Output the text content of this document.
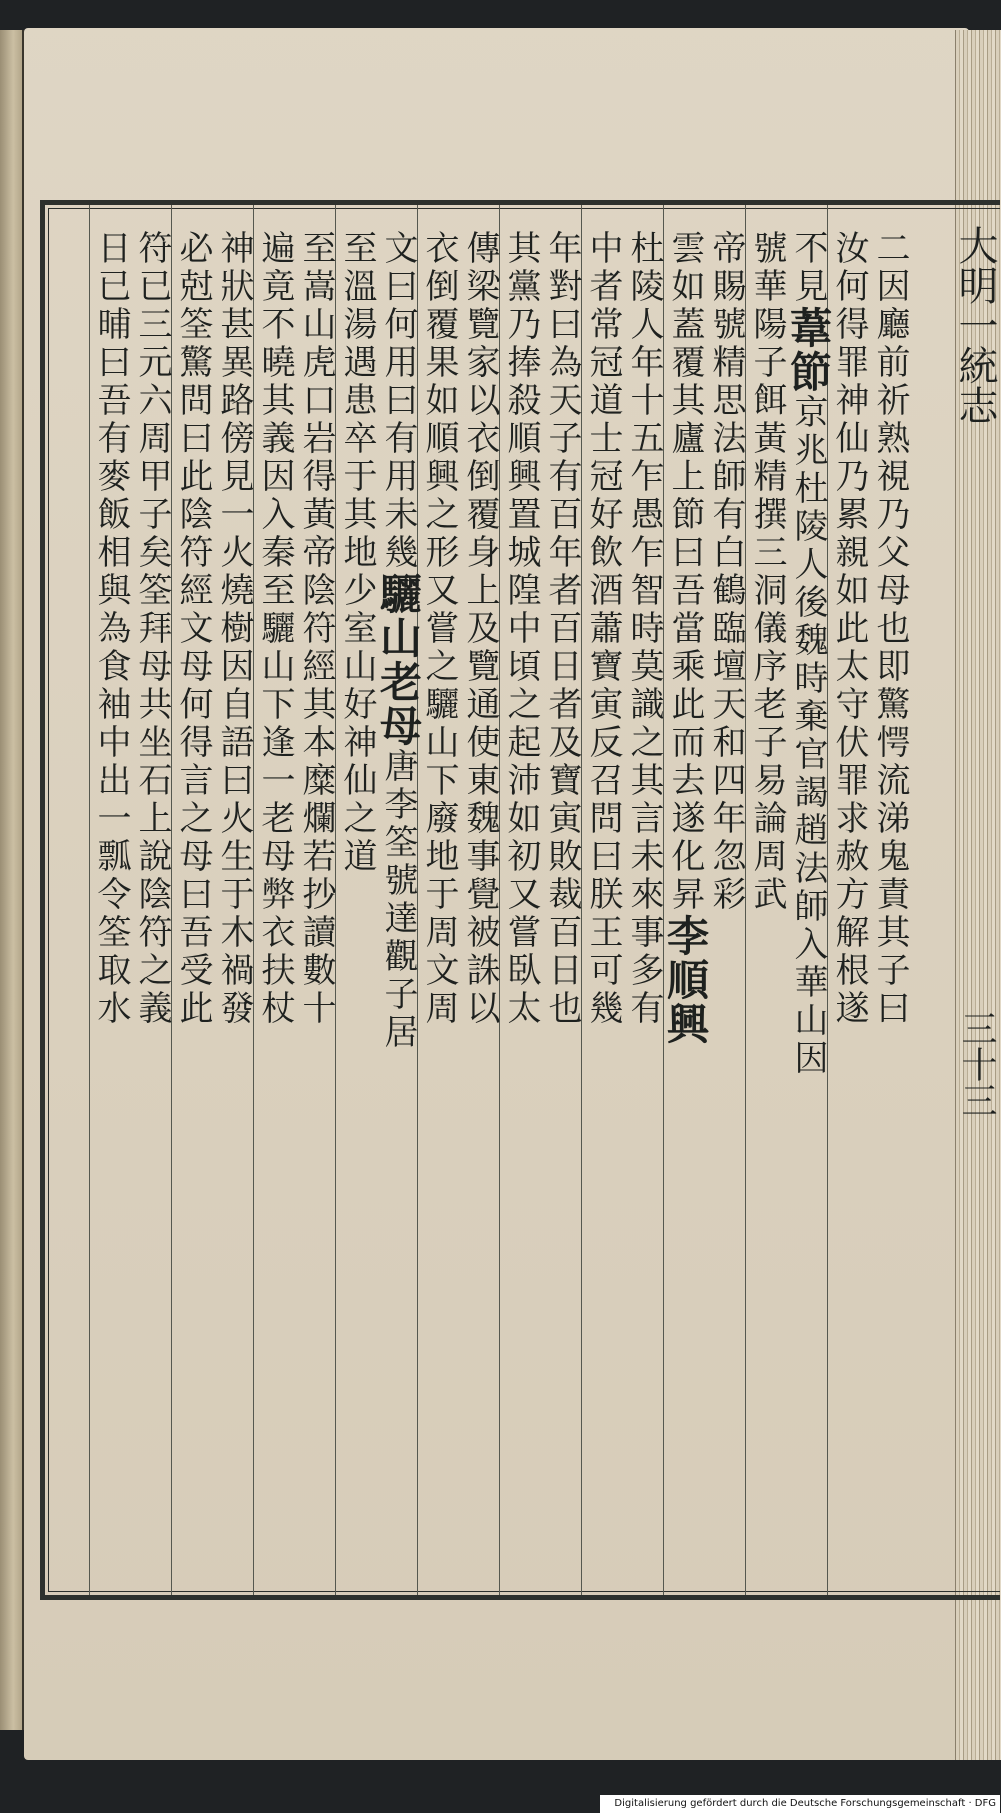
大明一統志
三十三
二因廳前祈熟視乃父母也即驚愕流涕鬼責其子曰
汝何得罪神仙乃累親如此太守伏罪求赦方解根遂
不見葦節京兆杜陵人後魏時棄官謁趙法師入華山因
號華陽子餌黃精撰三洞儀序老子易論周武
帝賜號精思法師有白鶴臨壇天和四年忽彩
雲如蓋覆其廬上節曰吾當乘此而去遂化昇李順興
杜陵人年十五乍愚乍智時莫識之其言未來事多有
中者常冠道士冠好飲酒蕭寶寅反召問曰朕王可幾
年對曰為天子有百年者百日者及寶寅敗裁百日也
其黨乃捧殺順興置城隍中頃之起沛如初又嘗臥太
傳梁覽家以衣倒覆身上及覽通使東魏事覺被誅以
衣倒覆果如順興之形又嘗之驪山下廢地于周文周
文曰何用曰有用未幾驪山老母唐李筌號達觀子居
至溫湯遇患卒于其地少室山好神仙之道
至嵩山虎口岩得黃帝陰符經其本糜爛若抄讀數十
遍竟不曉其義因入秦至驪山下逢一老母弊衣扶杖
神狀甚異路傍見一火燒樹因自語曰火生于木禍發
必尅筌驚問曰此陰符經文母何得言之母曰吾受此
符已三元六周甲子矣筌拜母共坐石上說陰符之義
日已晡曰吾有麥飯相與為食袖中出一瓢令筌取水
Digitalisierung gefördert durch die Deutsche Forschungsgemeinschaft · DFG
